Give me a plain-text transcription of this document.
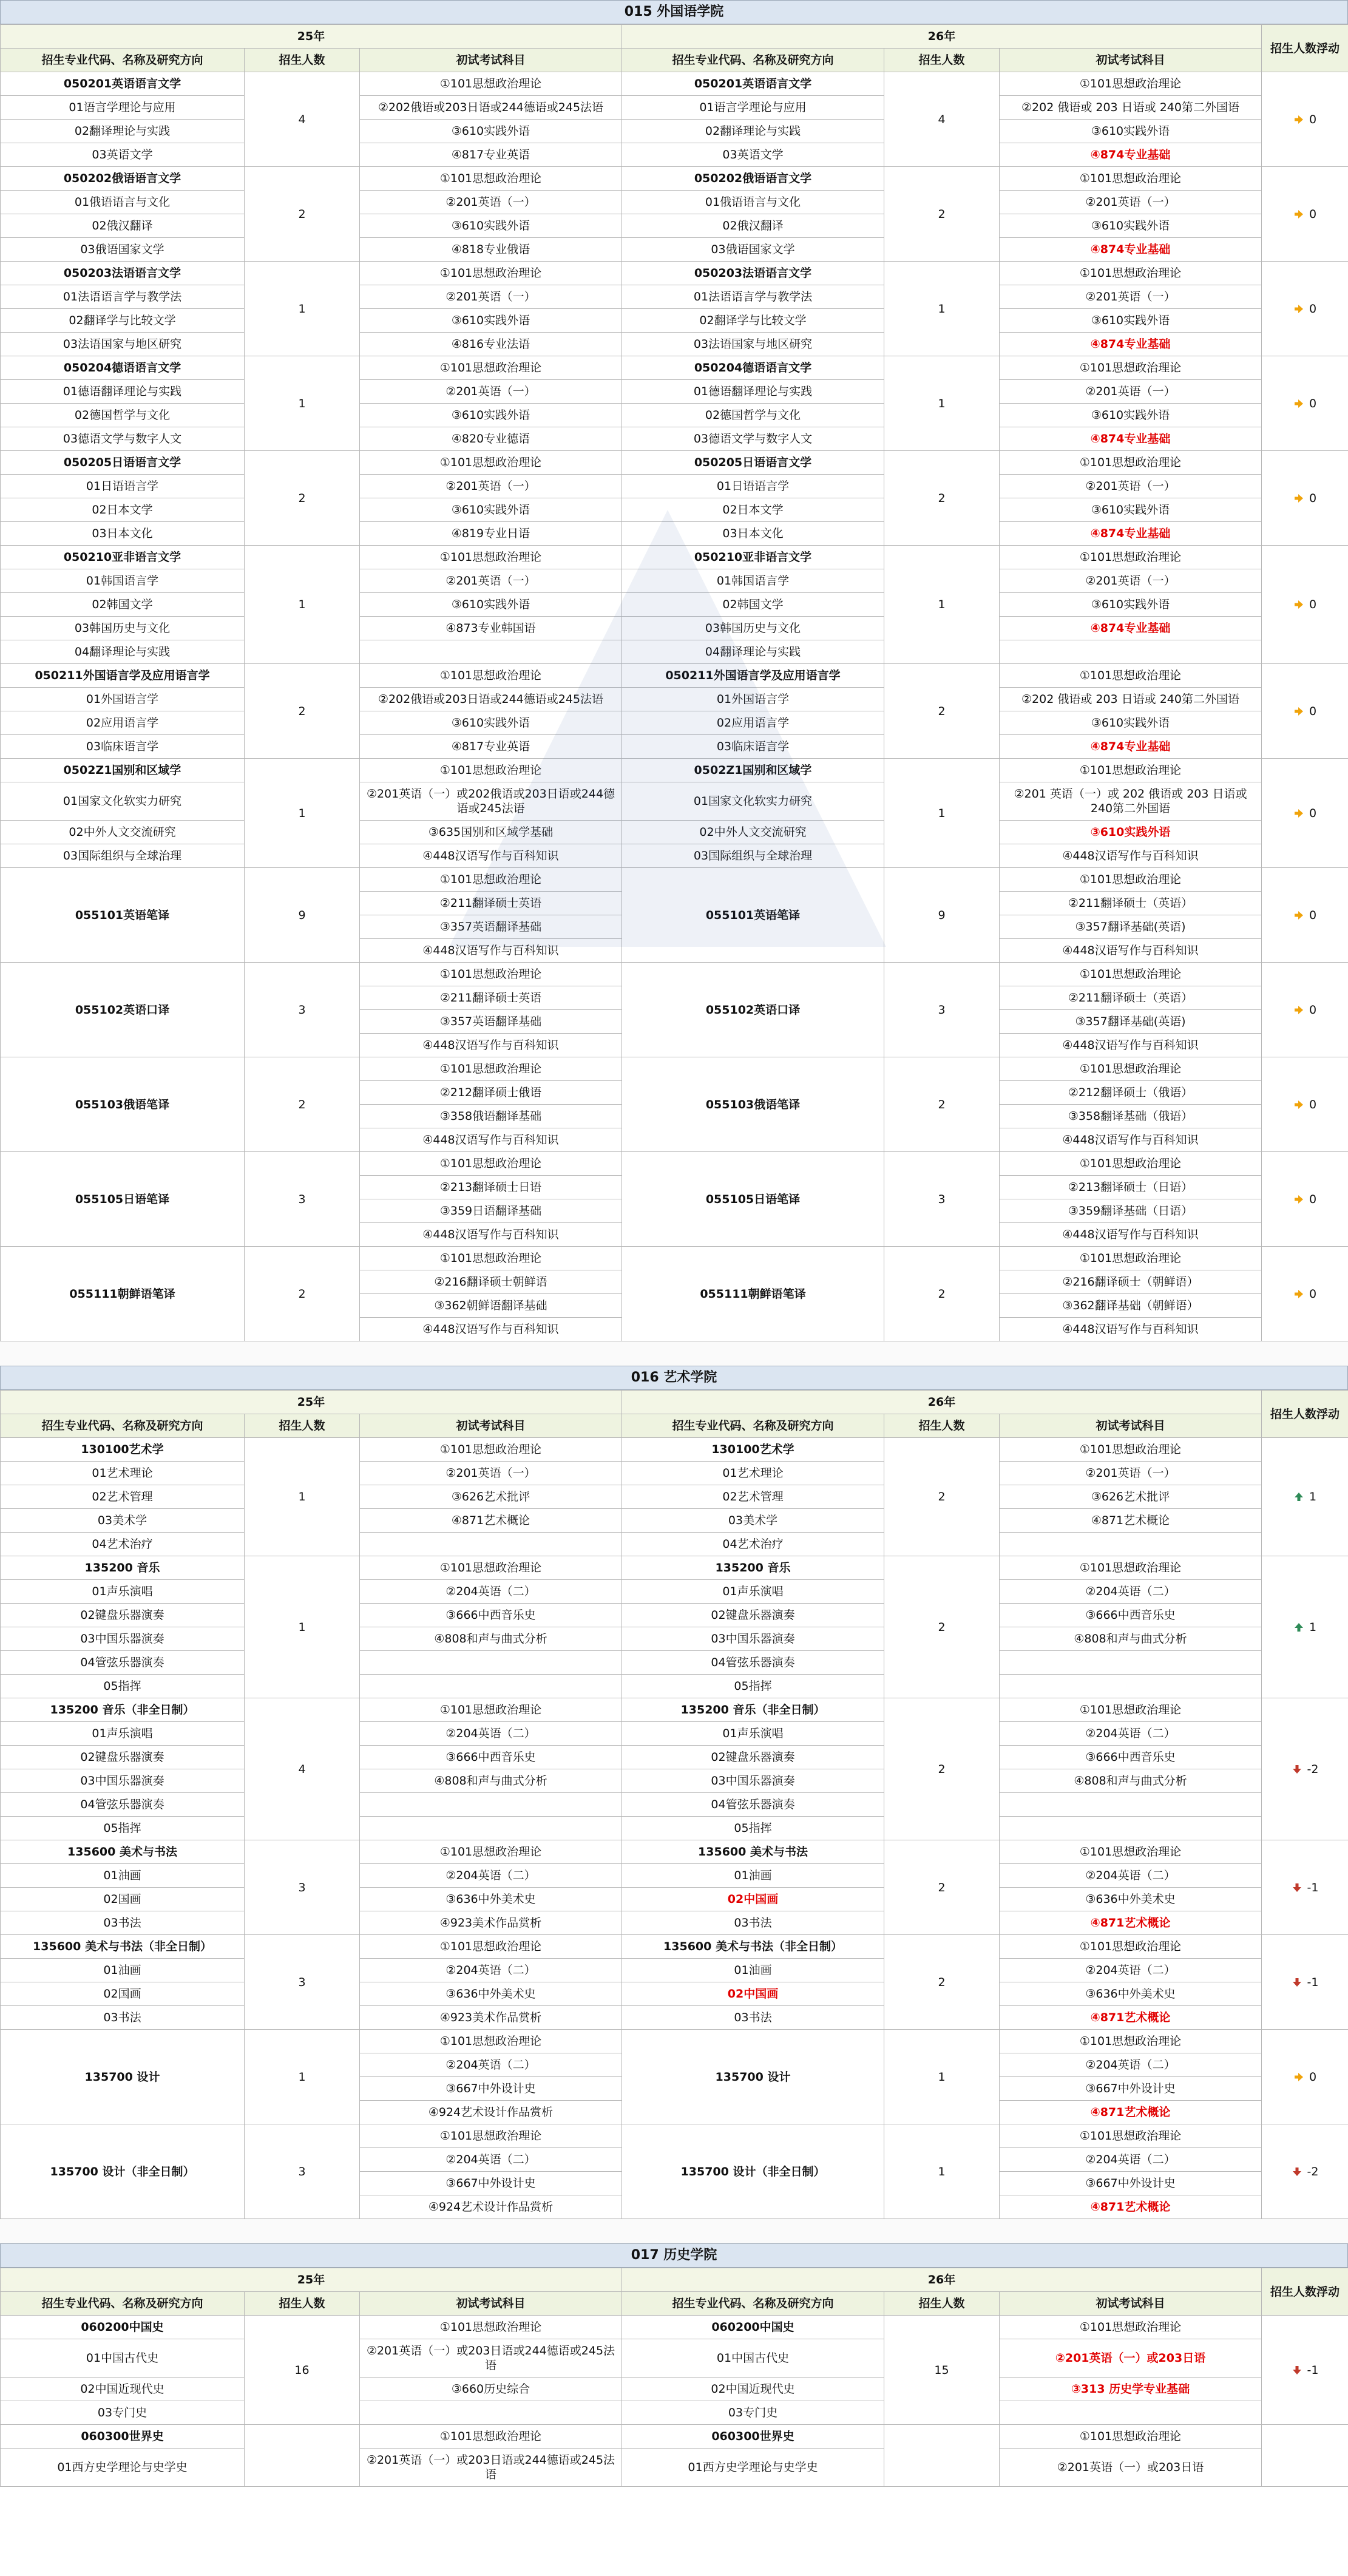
015 外国语学院
25年			26年			招生人数浮动
招生专业代码、名称及研究方向	招生人数	初试考试科目	招生专业代码、名称及研究方向	招生人数	初试考试科目	
050201英语语言文学	4	①101思想政治理论	050201英语语言文学	4	①101思想政治理论	0
01语言学理论与应用		②202俄语或203日语或244德语或245法语	01语言学理论与应用		②202 俄语或 203 日语或 240第二外国语	
02翻译理论与实践		③610实践外语	02翻译理论与实践		③610实践外语	
03英语文学		④817专业英语	03英语文学		④874专业基础	
050202俄语语言文学	2	①101思想政治理论	050202俄语语言文学	2	①101思想政治理论	0
01俄语语言与文化		②201英语（一）	01俄语语言与文化		②201英语（一）	
02俄汉翻译		③610实践外语	02俄汉翻译		③610实践外语	
03俄语国家文学		④818专业俄语	03俄语国家文学		④874专业基础	
050203法语语言文学	1	①101思想政治理论	050203法语语言文学	1	①101思想政治理论	0
01法语语言学与教学法		②201英语（一）	01法语语言学与教学法		②201英语（一）	
02翻译学与比较文学		③610实践外语	02翻译学与比较文学		③610实践外语	
03法语国家与地区研究		④816专业法语	03法语国家与地区研究		④874专业基础	
050204德语语言文学	1	①101思想政治理论	050204德语语言文学	1	①101思想政治理论	0
01德语翻译理论与实践		②201英语（一）	01德语翻译理论与实践		②201英语（一）	
02德国哲学与文化		③610实践外语	02德国哲学与文化		③610实践外语	
03德语文学与数字人文		④820专业德语	03德语文学与数字人文		④874专业基础	
050205日语语言文学	2	①101思想政治理论	050205日语语言文学	2	①101思想政治理论	0
01日语语言学		②201英语（一）	01日语语言学		②201英语（一）	
02日本文学		③610实践外语	02日本文学		③610实践外语	
03日本文化		④819专业日语	03日本文化		④874专业基础	
050210亚非语言文学	1	①101思想政治理论	050210亚非语言文学	1	①101思想政治理论	0
01韩国语言学		②201英语（一）	01韩国语言学		②201英语（一）	
02韩国文学		③610实践外语	02韩国文学		③610实践外语	
03韩国历史与文化		④873专业韩国语	03韩国历史与文化		④874专业基础	
04翻译理论与实践			04翻译理论与实践			
050211外国语言学及应用语言学	2	①101思想政治理论	050211外国语言学及应用语言学	2	①101思想政治理论	0
01外国语言学		②202俄语或203日语或244德语或245法语	01外国语言学		②202 俄语或 203 日语或 240第二外国语	
02应用语言学		③610实践外语	02应用语言学		③610实践外语	
03临床语言学		④817专业英语	03临床语言学		④874专业基础	
0502Z1国别和区域学	1	①101思想政治理论	0502Z1国别和区域学	1	①101思想政治理论	0
01国家文化软实力研究		②201英语（一）或202俄语或203日语或244德语或245法语	01国家文化软实力研究		②201 英语（一）或 202 俄语或 203 日语或 240第二外国语	
02中外人文交流研究		③635国别和区域学基础	02中外人文交流研究		③610实践外语	
03国际组织与全球治理		④448汉语写作与百科知识	03国际组织与全球治理		④448汉语写作与百科知识	
055101英语笔译	9	①101思想政治理论	055101英语笔译	9	①101思想政治理论	0
		②211翻译硕士英语			②211翻译硕士（英语）	
		③357英语翻译基础			③357翻译基础(英语)	
		④448汉语写作与百科知识			④448汉语写作与百科知识	
055102英语口译	3	①101思想政治理论	055102英语口译	3	①101思想政治理论	0
		②211翻译硕士英语			②211翻译硕士（英语）	
		③357英语翻译基础			③357翻译基础(英语)	
		④448汉语写作与百科知识			④448汉语写作与百科知识	
055103俄语笔译	2	①101思想政治理论	055103俄语笔译	2	①101思想政治理论	0
		②212翻译硕士俄语			②212翻译硕士（俄语）	
		③358俄语翻译基础			③358翻译基础（俄语）	
		④448汉语写作与百科知识			④448汉语写作与百科知识	
055105日语笔译	3	①101思想政治理论	055105日语笔译	3	①101思想政治理论	0
		②213翻译硕士日语			②213翻译硕士（日语）	
		③359日语翻译基础			③359翻译基础（日语）	
		④448汉语写作与百科知识			④448汉语写作与百科知识	
055111朝鲜语笔译	2	①101思想政治理论	055111朝鲜语笔译	2	①101思想政治理论	0
		②216翻译硕士朝鲜语			②216翻译硕士（朝鲜语）	
		③362朝鲜语翻译基础			③362翻译基础（朝鲜语）	
		④448汉语写作与百科知识			④448汉语写作与百科知识	
016 艺术学院
25年			26年			招生人数浮动
招生专业代码、名称及研究方向	招生人数	初试考试科目	招生专业代码、名称及研究方向	招生人数	初试考试科目	
130100艺术学	1	①101思想政治理论	130100艺术学	2	①101思想政治理论	1
01艺术理论		②201英语（一）	01艺术理论		②201英语（一）	
02艺术管理		③626艺术批评	02艺术管理		③626艺术批评	
03美术学		④871艺术概论	03美术学		④871艺术概论	
04艺术治疗			04艺术治疗			
135200 音乐	1	①101思想政治理论	135200 音乐	2	①101思想政治理论	1
01声乐演唱		②204英语（二）	01声乐演唱		②204英语（二）	
02键盘乐器演奏		③666中西音乐史	02键盘乐器演奏		③666中西音乐史	
03中国乐器演奏		④808和声与曲式分析	03中国乐器演奏		④808和声与曲式分析	
04管弦乐器演奏			04管弦乐器演奏			
05指挥			05指挥			
135200 音乐（非全日制）	4	①101思想政治理论	135200 音乐（非全日制）	2	①101思想政治理论	-2
01声乐演唱		②204英语（二）	01声乐演唱		②204英语（二）	
02键盘乐器演奏		③666中西音乐史	02键盘乐器演奏		③666中西音乐史	
03中国乐器演奏		④808和声与曲式分析	03中国乐器演奏		④808和声与曲式分析	
04管弦乐器演奏			04管弦乐器演奏			
05指挥			05指挥			
135600 美术与书法	3	①101思想政治理论	135600 美术与书法	2	①101思想政治理论	-1
01油画		②204英语（二）	01油画		②204英语（二）	
02国画		③636中外美术史	02中国画		③636中外美术史	
03书法		④923美术作品赏析	03书法		④871艺术概论	
135600 美术与书法（非全日制）	3	①101思想政治理论	135600 美术与书法（非全日制）	2	①101思想政治理论	-1
01油画		②204英语（二）	01油画		②204英语（二）	
02国画		③636中外美术史	02中国画		③636中外美术史	
03书法		④923美术作品赏析	03书法		④871艺术概论	
135700 设计	1	①101思想政治理论	135700 设计	1	①101思想政治理论	0
		②204英语（二）			②204英语（二）	
		③667中外设计史			③667中外设计史	
		④924艺术设计作品赏析			④871艺术概论	
135700 设计（非全日制）	3	①101思想政治理论	135700 设计（非全日制）	1	①101思想政治理论	-2
		②204英语（二）			②204英语（二）	
		③667中外设计史			③667中外设计史	
		④924艺术设计作品赏析			④871艺术概论	
017 历史学院
25年			26年			招生人数浮动
招生专业代码、名称及研究方向	招生人数	初试考试科目	招生专业代码、名称及研究方向	招生人数	初试考试科目	
060200中国史	16	①101思想政治理论	060200中国史	15	①101思想政治理论	-1
01中国古代史		②201英语（一）或203日语或244德语或245法语	01中国古代史		②201英语（一）或203日语	
02中国近现代史		③660历史综合	02中国近现代史		③313 历史学专业基础	
03专门史			03专门史			
060300世界史		①101思想政治理论	060300世界史		①101思想政治理论	
01西方史学理论与史学史		②201英语（一）或203日语或244德语或245法语	01西方史学理论与史学史		②201英语（一）或203日语	
